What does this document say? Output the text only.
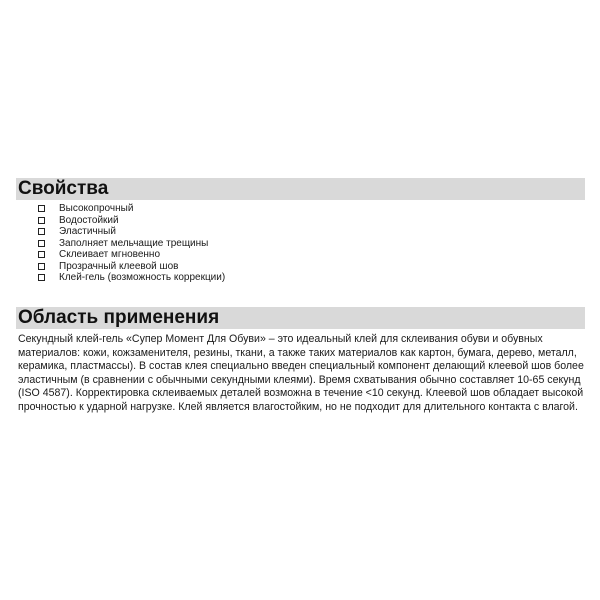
Свойства
Высокопрочный
Водостойкий
Эластичный
Заполняет мельчащие трещины
Склеивает мгновенно
Прозрачный клеевой шов
Клей-гель (возможность коррекции)
Область применения

Секундный клей-гель «Супер Момент Для Обуви» – это идеальный клей для склеивания обуви и обувных материалов: кожи, кожзаменителя, резины, ткани, а также таких материалов как картон, бумага, дерево, металл, керамика, пластмассы). В состав клея специально введен специальный компонент делающий клеевой шов более эластичным (в сравнении с обычными секундными клеями). Время схватывания обычно составляет 10-65 секунд (ISO 4587). Корректировка склеиваемых деталей возможна в течение <10 секунд. Клеевой шов обладает высокой прочностью к ударной нагрузке. Клей является влагостойким, но не подходит для длительного контакта с влагой.
